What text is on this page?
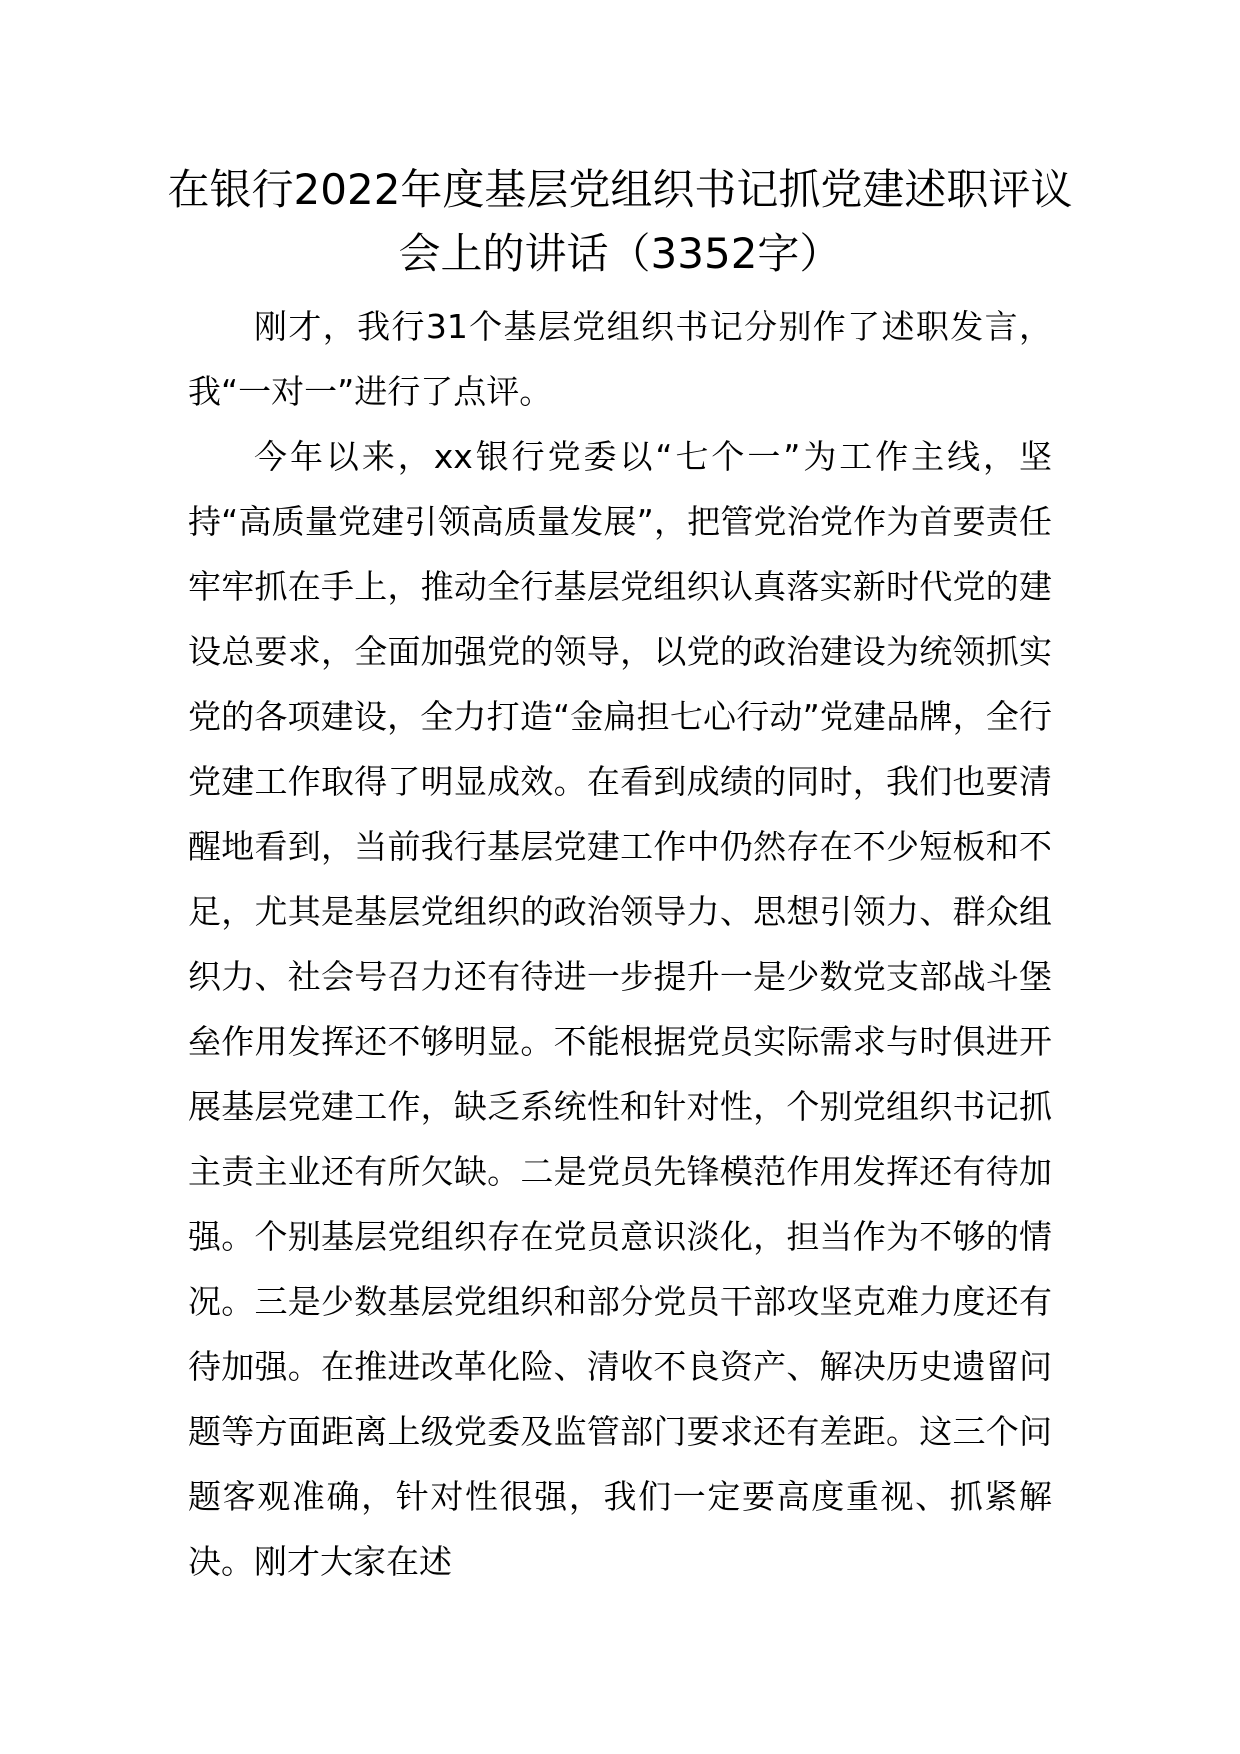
在银行2022年度基层党组织书记抓党建述职评议会上的讲话（3352字）

刚才，我行31个基层党组织书记分别作了述职发言，我“一对一”进行了点评。

今年以来，xx银行党委以“七个一”为工作主线，坚持“高质量党建引领高质量发展”，把管党治党作为首要责任牢牢抓在手上，推动全行基层党组织认真落实新时代党的建设总要求，全面加强党的领导，以党的政治建设为统领抓实党的各项建设，全力打造“金扁担七心行动”党建品牌，全行党建工作取得了明显成效。在看到成绩的同时，我们也要清醒地看到，当前我行基层党建工作中仍然存在不少短板和不足，尤其是基层党组织的政治领导力、思想引领力、群众组织力、社会号召力还有待进一步提升一是少数党支部战斗堡垒作用发挥还不够明显。不能根据党员实际需求与时俱进开展基层党建工作，缺乏系统性和针对性，个别党组织书记抓主责主业还有所欠缺。二是党员先锋模范作用发挥还有待加强。个别基层党组织存在党员意识淡化，担当作为不够的情况。三是少数基层党组织和部分党员干部攻坚克难力度还有待加强。在推进改革化险、清收不良资产、解决历史遗留问题等方面距离上级党委及监管部门要求还有差距。这三个问题客观准确，针对性很强，我们一定要高度重视、抓紧解决。刚才大家在述
